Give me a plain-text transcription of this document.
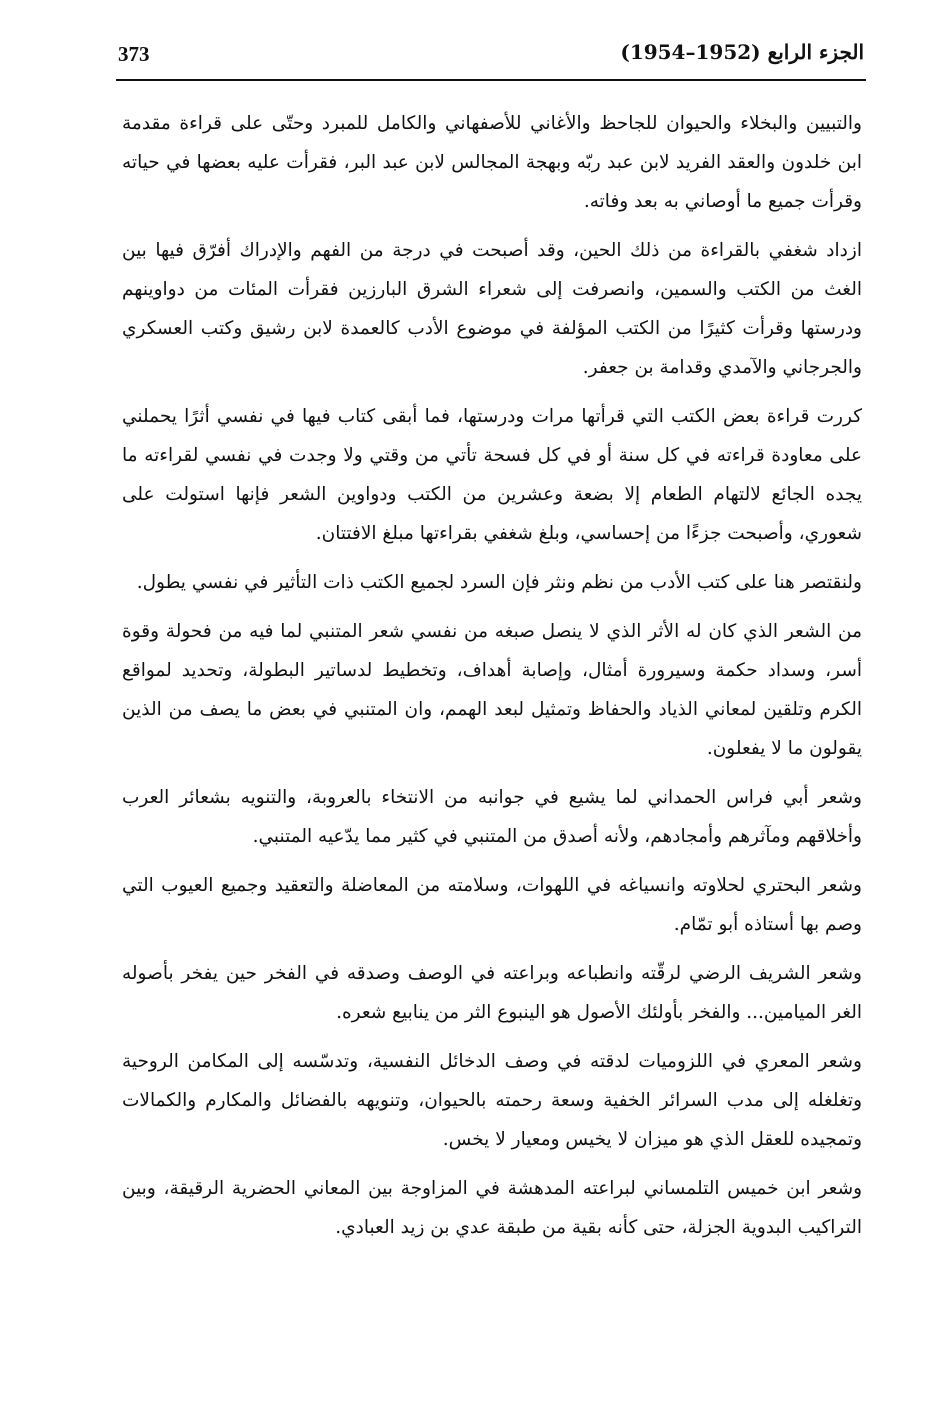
373	الجزء الرابع (1952–1954)

والتبيين والبخلاء والحيوان للجاحظ والأغاني للأصفهاني والكامل للمبرد وحتّى على قراءة مقدمة ابن خلدون والعقد الفريد لابن عبد ربّه وبهجة المجالس لابن عبد البر، فقرأت عليه بعضها في حياته وقرأت جميع ما أوصاني به بعد وفاته.

ازداد شغفي بالقراءة من ذلك الحين، وقد أصبحت في درجة من الفهم والإدراك أفرّق فيها بين الغث من الكتب والسمين، وانصرفت إلى شعراء الشرق البارزين فقرأت المئات من دواوينهم ودرستها وقرأت كثيرًا من الكتب المؤلفة في موضوع الأدب كالعمدة لابن رشيق وكتب العسكري والجرجاني والآمدي وقدامة بن جعفر.

كررت قراءة بعض الكتب التي قرأتها مرات ودرستها، فما أبقى كتاب فيها في نفسي أثرًا يحملني على معاودة قراءته في كل سنة أو في كل فسحة تأتي من وقتي ولا وجدت في نفسي لقراءته ما يجده الجائع لالتهام الطعام إلا بضعة وعشرين من الكتب ودواوين الشعر فإنها استولت على شعوري، وأصبحت جزءًا من إحساسي، وبلغ شغفي بقراءتها مبلغ الافتتان.

ولنقتصر هنا على كتب الأدب من نظم ونثر فإن السرد لجميع الكتب ذات التأثير في نفسي يطول.

من الشعر الذي كان له الأثر الذي لا ينصل صبغه من نفسي شعر المتنبي لما فيه من فحولة وقوة أسر، وسداد حكمة وسيرورة أمثال، وإصابة أهداف، وتخطيط لدساتير البطولة، وتحديد لمواقع الكرم وتلقين لمعاني الذياد والحفاظ وتمثيل لبعد الهمم، وان المتنبي في بعض ما يصف من الذين يقولون ما لا يفعلون.

وشعر أبي فراس الحمداني لما يشيع في جوانبه من الانتخاء بالعروبة، والتنويه بشعائر العرب وأخلاقهم ومآثرهم وأمجادهم، ولأنه أصدق من المتنبي في كثير مما يدّعيه المتنبي.

وشعر البحتري لحلاوته وانسياغه في اللهوات، وسلامته من المعاضلة والتعقيد وجميع العيوب التي وصم بها أستاذه أبو تمّام.

وشعر الشريف الرضي لرقّته وانطباعه وبراعته في الوصف وصدقه في الفخر حين يفخر بأصوله الغر الميامين... والفخر بأولئك الأصول هو الينبوع الثر من ينابيع شعره.

وشعر المعري في اللزوميات لدقته في وصف الدخائل النفسية، وتدسّسه إلى المكامن الروحية وتغلغله إلى مدب السرائر الخفية وسعة رحمته بالحيوان، وتنويهه بالفضائل والمكارم والكمالات وتمجيده للعقل الذي هو ميزان لا يخيس ومعيار لا يخس.

وشعر ابن خميس التلمساني لبراعته المدهشة في المزاوجة بين المعاني الحضرية الرقيقة، وبين التراكيب البدوية الجزلة، حتى كأنه بقية من طبقة عدي بن زيد العبادي.
